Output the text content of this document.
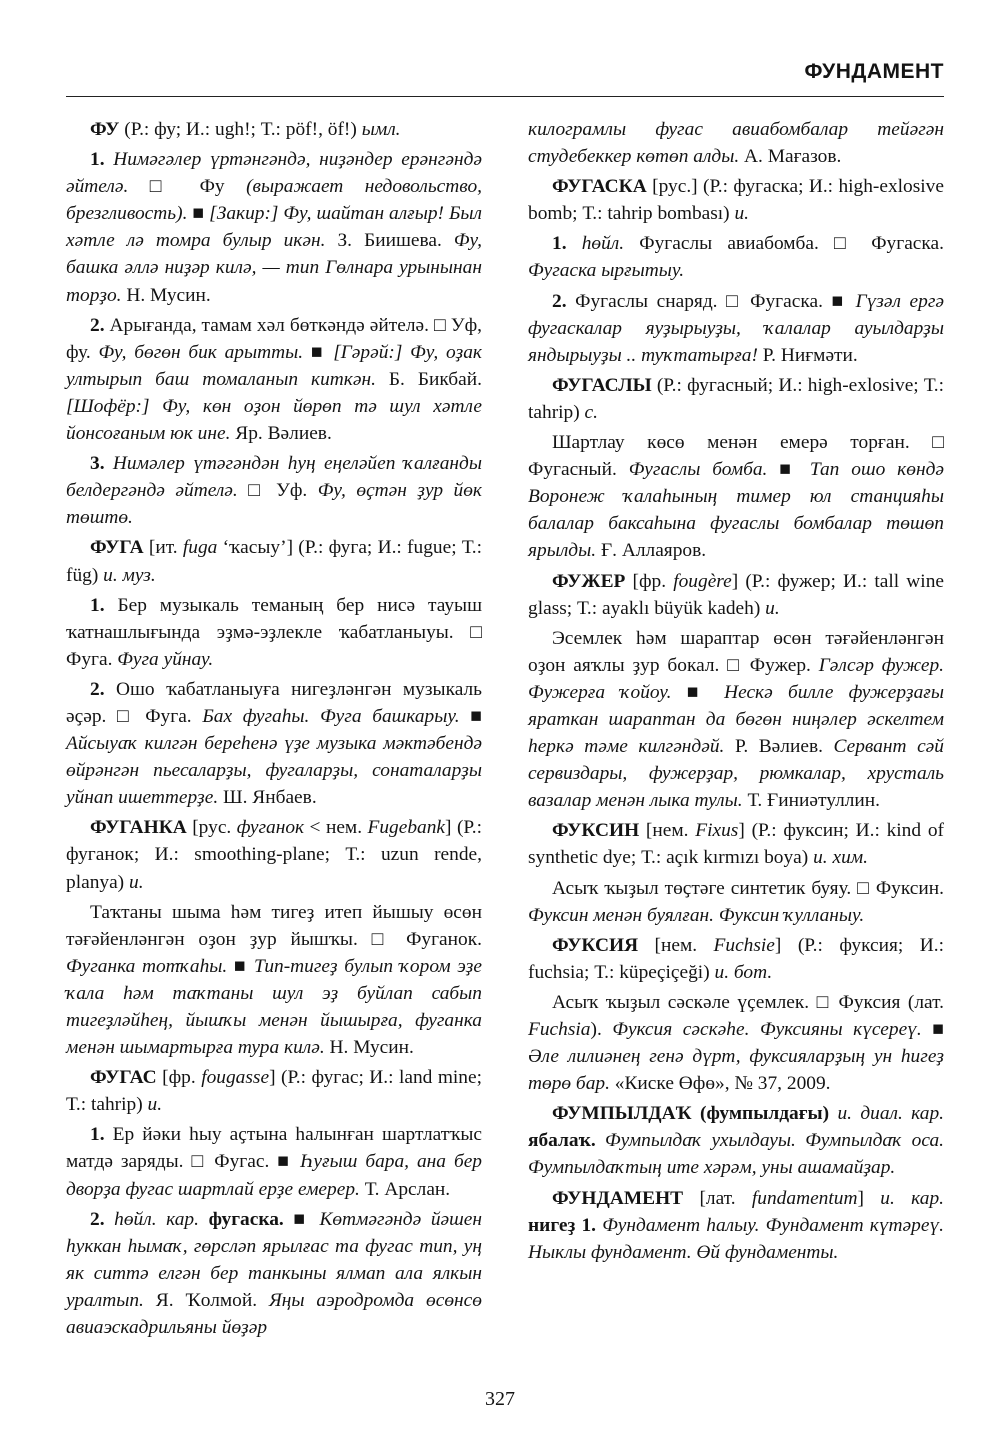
ФУНДАМЕНТ

ФУ (Р.: фу; И.: ugh!; Т.: pöf!, öf!) ымл.

1. Нимәгәлер үртәнгәндә, ниҙәндер ерәнгәндә әйтелә. □ Фу (выражает недовольство, брезгливость). ■ [Закир:] Фу, шайтан алғыр! Был хәтле лә томра булыр икән. З. Биишева. Фу, башка әллә ниҙәр килә, — тип Гөлнара урынынан торҙо. Н. Мусин.

2. Арығанда, тамам хәл бөткәндә әйтелә. □ Уф, фу. Фу, бөгөн бик арытты. ■ [Гәрәй:] Фу, оҙак ултырып баш томаланып киткән. Б. Бикбай. [Шофёр:] Фу, көн оҙон йөрөп тә шул хәтле йонсоғаным юк ине. Яр. Вәлиев.

3. Нимәлер үтәгәндән һуң еңеләйеп ҡалғанды белдергәндә әйтелә. □ Уф. Фу, өҫтән ҙур йөк төштө.

ФУГА [ит. fuga ‘ҡасыу’] (Р.: фуга; И.: fugue; Т.: füg) и. муз.

1. Бер музыкаль теманың бер нисә тауыш ҡатнашлығында эҙмә-эҙлекле ҡабатланыуы. □ Фуга. Фуга уйнау.

2. Ошо ҡабатланыуға нигеҙләнгән музыкаль әҫәр. □ Фуга. Бах фугаһы. Фуга башкарыу. ■ Айсыуаҡ килгән береһенә үҙе музыка мәктәбендә өйрәнгән пьесаларҙы, фугаларҙы, сонаталарҙы уйнап ишеттерҙе. Ш. Янбаев.

ФУГАНКА [рус. фуганок < нем. Fugebank] (Р.: фуганок; И.: smoothing-plane; Т.: uzun rende, planya) и.

Таҡтаны шыма һәм тигеҙ итеп йышыу өсөн тәғәйенләнгән оҙон ҙур йышҡы. □ Фуганок. Фуганка тотҡаһы. ■ Тип-тигеҙ булып ҡором эҙе ҡала һәм таҡтаны шул эҙ буйлап сабып тигеҙләйһең, йышҡы менән йышырға, фуганка менән шымартырға тура килә. Н. Мусин.

ФУГАС [фр. fougasse] (Р.: фугас; И.: land mine; Т.: tahrip) и.

1. Ер йәки һыу аҫтына һалынған шартлатҡыс матдә заряды. □ Фугас. ■ Һуғыш бара, ана бер дворҙа фугас шартлай ерҙе емерер. Т. Арслан.

2. һөйл. кар. фугаска. ■ Көтмәгәндә йәшен һуккан һымаҡ, гөрсләп ярылғас та фугас тип, уң як ситтә елгән бер танкыны ялмап ала ялкын уралтып. Я. Ҡолмой. Яңы аэродромда өсөнсө авиаэскадрильяны йөҙәр

килограмлы фугас авиабомбалар тейәгән студебеккер көтөп алды. А. Мағазов.

ФУГАСКА [рус.] (Р.: фугаска; И.: high-exlosive bomb; Т.: tahrip bombası) и.

1. һөйл. Фугаслы авиабомба. □ Фугаска. Фугаска ырғытыу.

2. Фугаслы снаряд. □ Фугаска. ■ Гүзәл ергә фугаскалар яуҙырыуҙы, ҡалалар ауылдарҙы яндырыуҙы .. туҡтатырға! Р. Ниғмәти.

ФУГАСЛЫ (Р.: фугасный; И.: high-exlosive; Т.: tahrip) с.

Шартлау көсө менән емерә торған. □ Фугасный. Фугаслы бомба. ■ Тап ошо көндә Воронеж ҡалаһының тимер юл станцияһы балалар баксаһына фугаслы бомбалар төшөп ярылды. Ғ. Аллаяров.

ФУЖЕР [фр. fougère] (Р.: фужер; И.: tall wine glass; Т.: ayaklı büyük kadeh) и.

Эсемлек һәм шараптар өсөн тәғәйенләнгән оҙон аяҡлы ҙур бокал. □ Фужер. Гәлсәр фужер. Фужерға ҡойоу. ■ Нескә билле фужерҙағы яраткан шараптан да бөгөн ниңәлер әскелтем һеркә тәме килгәндәй. Р. Вәлиев. Сервант сәй сервиздары, фужерҙар, рюмкалар, хрусталь вазалар менән лыка тулы. Т. Ғиниәтуллин.

ФУКСИН [нем. Fixus] (Р.: фуксин; И.: kind of synthetic dye; Т.: açık kırmızı boya) и. хим.

Асыҡ ҡыҙыл төҫтәге синтетик буяу. □ Фуксин. Фуксин менән буялған. Фуксин ҡулланыу.

ФУКСИЯ [нем. Fuchsie] (Р.: фуксия; И.: fuchsia; Т.: küpeçiçeği) и. бот.

Асыҡ ҡыҙыл сәскәле үҫемлек. □ Фуксия (лат. Fuchsia). Фуксия сәскәһе. Фуксияны күсереү. ■ Әле лилиәнең генә дүрт, фуксияларҙың ун һигеҙ төрө бар. «Киске Өфө», № 37, 2009.

ФУМПЫЛДАҠ (фумпылдағы) и. диал. кар. ябалаҡ. Фумпылдаҡ ухылдауы. Фумпылдаҡ оса. Фумпылдаҡтың ите хәрәм, уны ашамайҙар.

ФУНДАМЕНТ [лат. fundamentum] и. кар. нигеҙ 1. Фундамент һалыу. Фундамент күтәреү. Ныклы фундамент. Өй фундаменты.

327
